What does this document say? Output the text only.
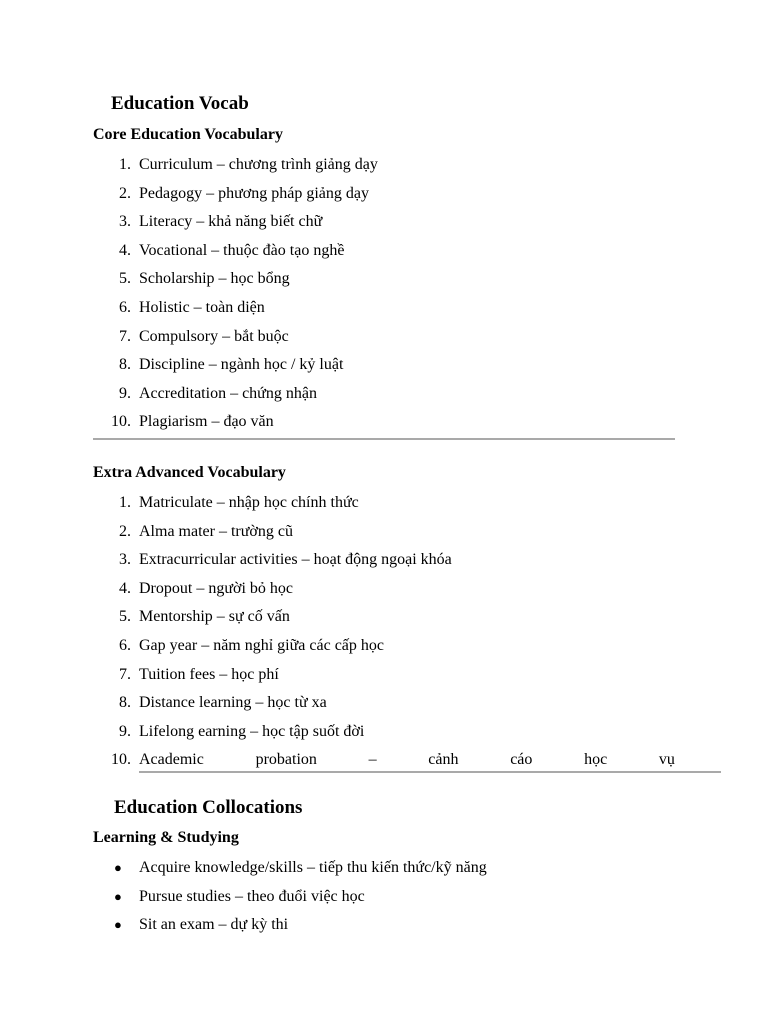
Education Vocab
Core Education Vocabulary
1. Curriculum – chương trình giảng dạy
2. Pedagogy – phương pháp giảng dạy
3. Literacy – khả năng biết chữ
4. Vocational – thuộc đào tạo nghề
5. Scholarship – học bổng
6. Holistic – toàn diện
7. Compulsory – bắt buộc
8. Discipline – ngành học / kỷ luật
9. Accreditation – chứng nhận
10. Plagiarism – đạo văn
Extra Advanced Vocabulary
1. Matriculate – nhập học chính thức
2. Alma mater – trường cũ
3. Extracurricular activities – hoạt động ngoại khóa
4. Dropout – người bỏ học
5. Mentorship – sự cố vấn
6. Gap year – năm nghỉ giữa các cấp học
7. Tuition fees – học phí
8. Distance learning – học từ xa
9. Lifelong earning – học tập suốt đời
10. Academic	probation	–	cảnh	cáo	học	vụ
Education Collocations
Learning & Studying
● Acquire knowledge/skills – tiếp thu kiến thức/kỹ năng
● Pursue studies – theo đuổi việc học
● Sit an exam – dự kỳ thi
